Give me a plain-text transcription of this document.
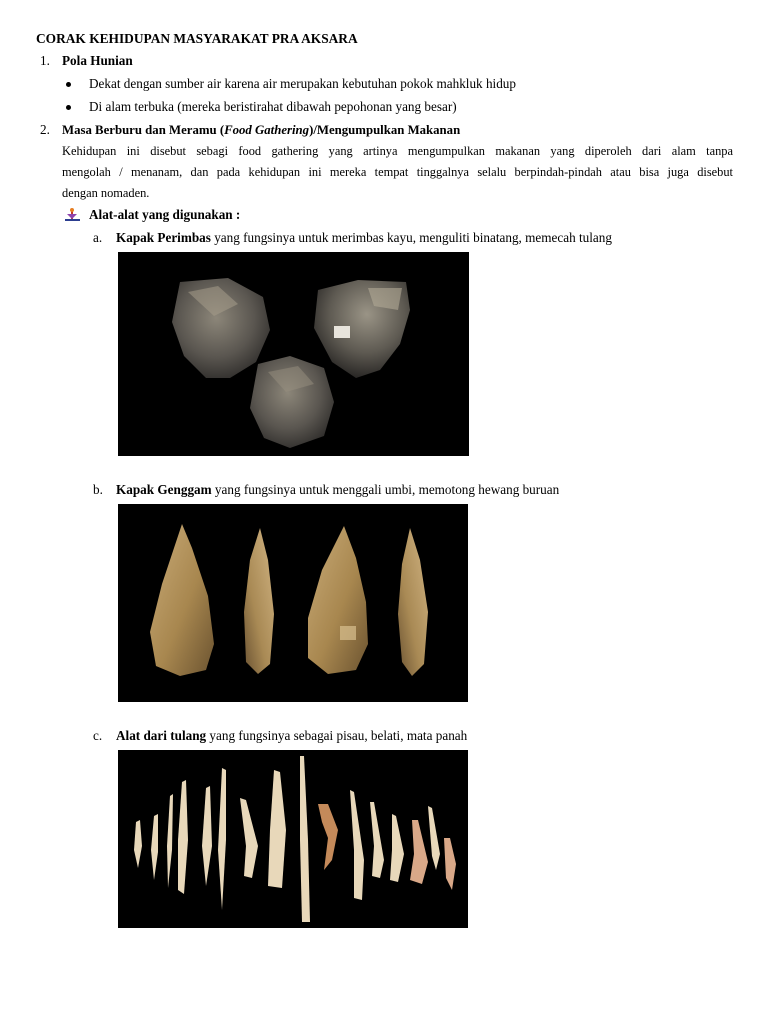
CORAK KEHIDUPAN MASYARAKAT PRA AKSARA
1. Pola Hunian
Dekat dengan sumber air karena air merupakan kebutuhan pokok mahkluk hidup
Di alam terbuka (mereka beristirahat dibawah pepohonan yang besar)
2. Masa Berburu dan Meramu (Food Gathering)/Mengumpulkan Makanan
Kehidupan ini disebut sebagi food gathering yang artinya mengumpulkan makanan yang diperoleh dari alam tanpa
mengolah / menanam, dan pada kehidupan ini mereka tempat tinggalnya selalu berpindah-pindah atau bisa juga disebut
dengan nomaden.
Alat-alat yang digunakan :
a. Kapak Perimbas yang fungsinya untuk merimbas kayu, menguliti binatang, memecah tulang
b. Kapak Genggam yang fungsinya untuk menggali umbi, memotong hewang buruan
c. Alat dari tulang yang fungsinya sebagai pisau, belati, mata panah
